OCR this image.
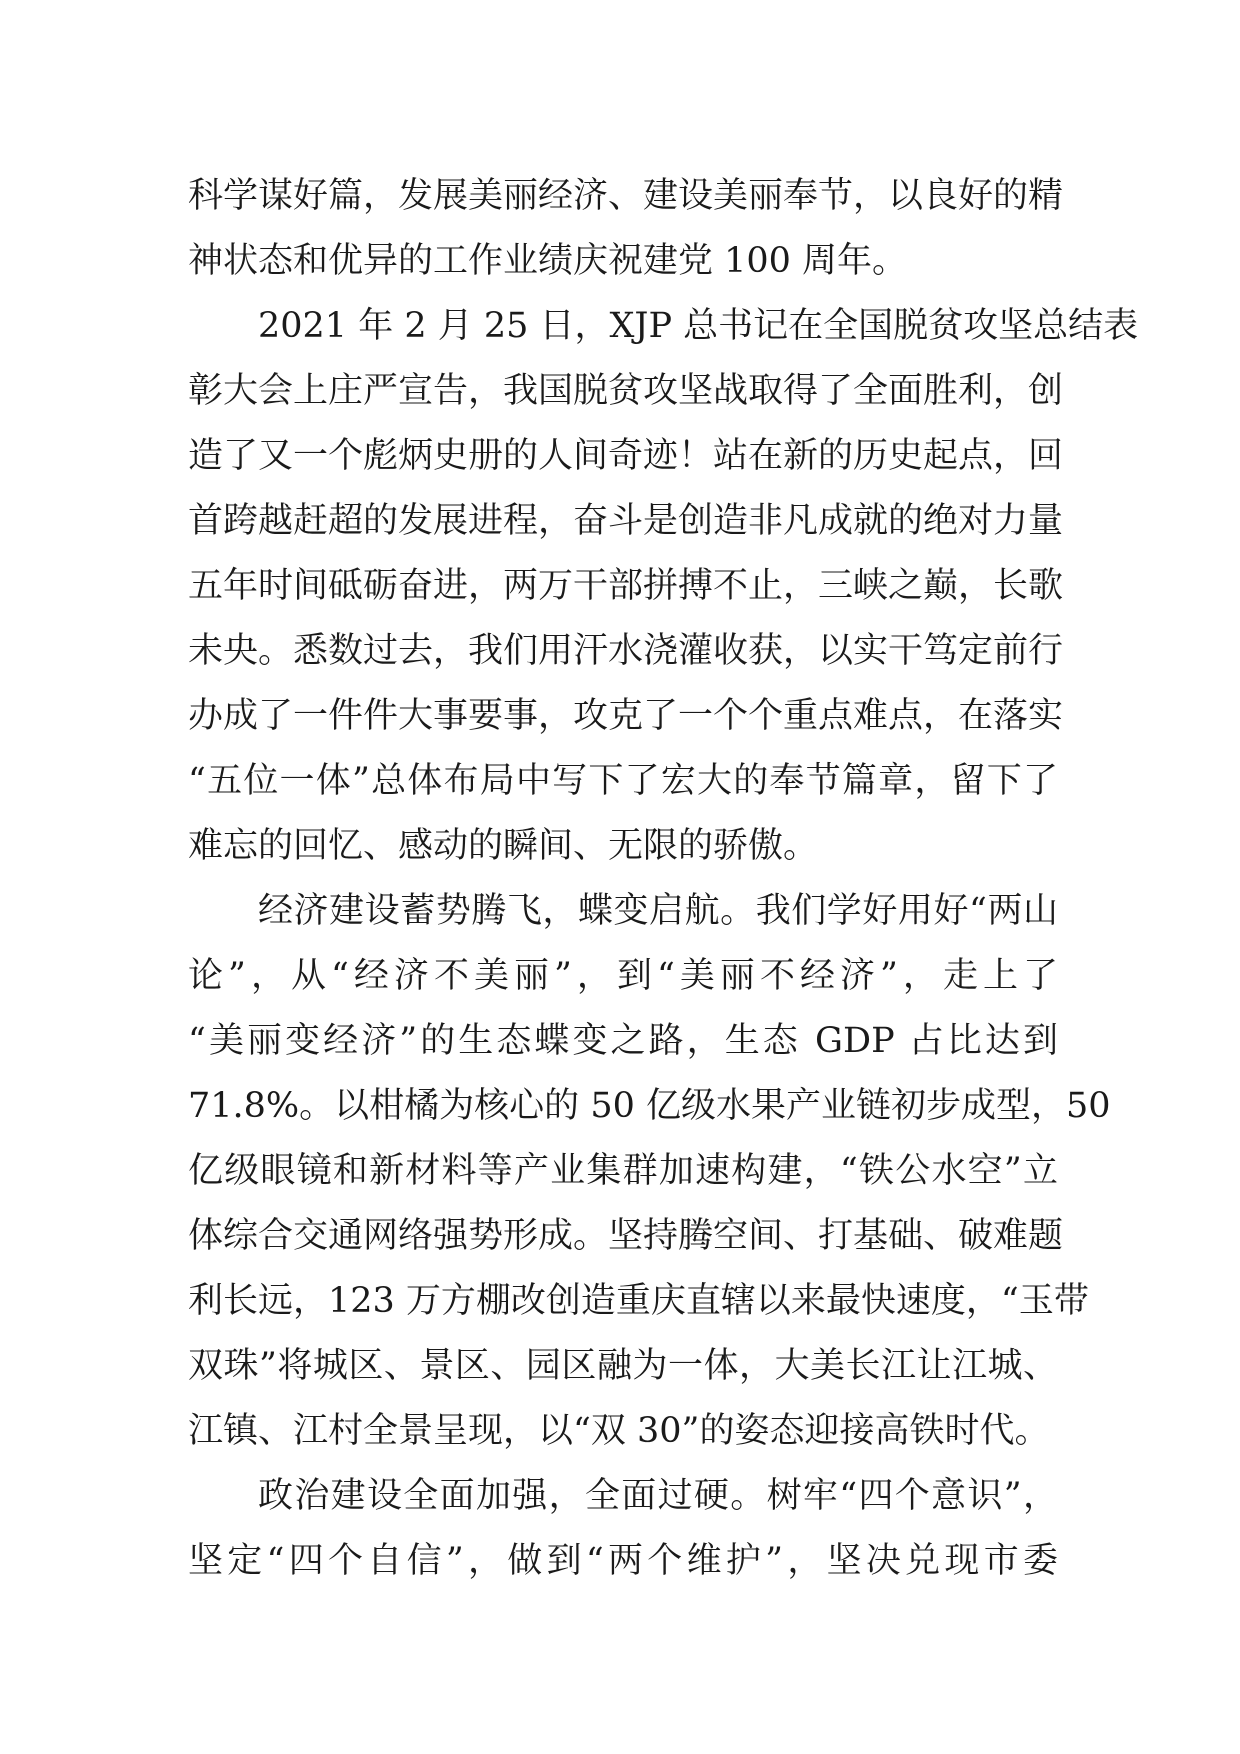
科学谋好篇，发展美丽经济、建设美丽奉节，以良好的精
神状态和优异的工作业绩庆祝建党 100 周年。
2021 年 2 月 25 日，XJP 总书记在全国脱贫攻坚总结表
彰大会上庄严宣告，我国脱贫攻坚战取得了全面胜利，创
造了又一个彪炳史册的人间奇迹！站在新的历史起点，回
首跨越赶超的发展进程，奋斗是创造非凡成就的绝对力量
五年时间砥砺奋进，两万干部拼搏不止，三峡之巅，长歌
未央。悉数过去，我们用汗水浇灌收获，以实干笃定前行
办成了一件件大事要事，攻克了一个个重点难点，在落实
“五位一体”总体布局中写下了宏大的奉节篇章，留下了
难忘的回忆、感动的瞬间、无限的骄傲。
经济建设蓄势腾飞，蝶变启航。我们学好用好“两山
论”，从“经济不美丽”，到“美丽不经济”，走上了
“美丽变经济”的生态蝶变之路，生态 GDP 占比达到
71.8%。以柑橘为核心的 50 亿级水果产业链初步成型，50
亿级眼镜和新材料等产业集群加速构建，“铁公水空”立
体综合交通网络强势形成。坚持腾空间、打基础、破难题
利长远，123 万方棚改创造重庆直辖以来最快速度，“玉带
双珠”将城区、景区、园区融为一体，大美长江让江城、
江镇、江村全景呈现，以“双 30”的姿态迎接高铁时代。
政治建设全面加强，全面过硬。树牢“四个意识”，
坚定“四个自信”，做到“两个维护”，坚决兑现市委
